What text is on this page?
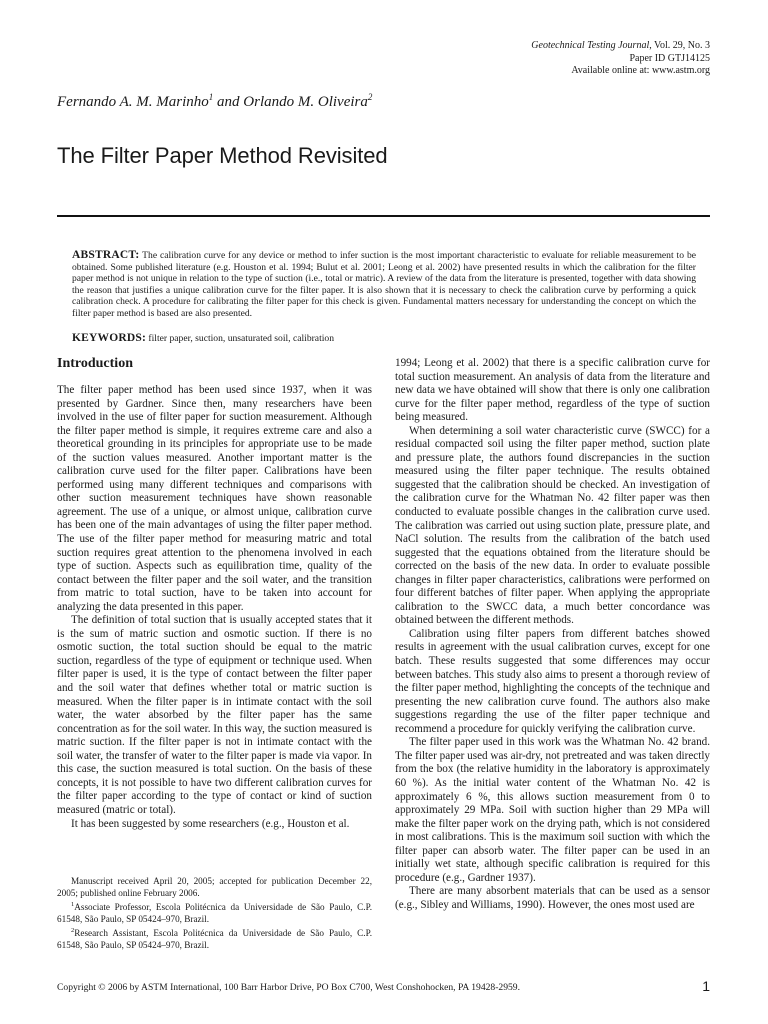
Geotechnical Testing Journal, Vol. 29, No. 3
Paper ID GTJ14125
Available online at: www.astm.org
Fernando A. M. Marinho$^1$ and Orlando M. Oliveira$^2$
The Filter Paper Method Revisited
ABSTRACT: The calibration curve for any device or method to infer suction is the most important characteristic to evaluate for reliable measurement to be obtained. Some published literature (e.g. Houston et al. 1994; Bulut et al. 2001; Leong et al. 2002) have presented results in which the calibration for the filter paper method is not unique in relation to the type of suction (i.e., total or matric). A review of the data from the literature is presented, together with data showing the reason that justifies a unique calibration curve for the filter paper. It is also shown that it is necessary to check the calibration curve by performing a quick calibration check. A procedure for calibrating the filter paper for this check is given. Fundamental matters necessary for understanding the concept on which the filter paper method is based are also presented.
KEYWORDS: filter paper, suction, unsaturated soil, calibration
Introduction

The filter paper method has been used since 1937, when it was presented by Gardner. Since then, many researchers have been involved in the use of filter paper for suction measurement. Although the filter paper method is simple, it requires extreme care and also a theoretical grounding in its principles for appropriate use to be made of the suction values measured. Another important matter is the calibration curve used for the filter paper. Calibrations have been performed using many different techniques and comparisons with other suction measurement techniques have shown reasonable agreement. The use of a unique, or almost unique, calibration curve has been one of the main advantages of using the filter paper method. The use of the filter paper method for measuring matric and total suction requires great attention to the phenomena involved in each type of suction. Aspects such as equilibration time, quality of the contact between the filter paper and the soil water, and the transition from matric to total suction, have to be taken into account for analyzing the data presented in this paper.

The definition of total suction that is usually accepted states that it is the sum of matric suction and osmotic suction. If there is no osmotic suction, the total suction should be equal to the matric suction, regardless of the type of equipment or technique used. When filter paper is used, it is the type of contact between the filter paper and the soil water that defines whether total or matric suction is measured. When the filter paper is in intimate contact with the soil water, the water absorbed by the filter paper has the same concentration as for the soil water. In this way, the suction measured is matric suction. If the filter paper is not in intimate contact with the soil water, the transfer of water to the filter paper is made via vapor. In this case, the suction measured is total suction. On the basis of these concepts, it is not possible to have two different calibration curves for the filter paper according to the type of contact or kind of suction measured (matric or total).

It has been suggested by some researchers (e.g., Houston et al.

Manuscript received April 20, 2005; accepted for publication December 22, 2005; published online February 2006.

$^1$Associate Professor, Escola Politécnica da Universidade de São Paulo, C.P. 61548, São Paulo, SP 05424–970, Brazil.

$^2$Research Assistant, Escola Politécnica da Universidade de São Paulo, C.P. 61548, São Paulo, SP 05424–970, Brazil.

1994; Leong et al. 2002) that there is a specific calibration curve for total suction measurement. An analysis of data from the literature and new data we have obtained will show that there is only one calibration curve for the filter paper method, regardless of the type of suction being measured.

When determining a soil water characteristic curve (SWCC) for a residual compacted soil using the filter paper method, suction plate and pressure plate, the authors found discrepancies in the suction measured using the filter paper technique. The results obtained suggested that the calibration should be checked. An investigation of the calibration curve for the Whatman No. 42 filter paper was then conducted to evaluate possible changes in the calibration curve used. The calibration was carried out using suction plate, pressure plate, and NaCl solution. The results from the calibration of the batch used suggested that the equations obtained from the literature should be corrected on the basis of the new data. In order to evaluate possible changes in filter paper characteristics, calibrations were performed on four different batches of filter paper. When applying the appropriate calibration to the SWCC data, a much better concordance was obtained between the different methods.

Calibration using filter papers from different batches showed results in agreement with the usual calibration curves, except for one batch. These results suggested that some differences may occur between batches. This study also aims to present a thorough review of the filter paper method, highlighting the concepts of the technique and presenting the new calibration curve found. The authors also make suggestions regarding the use of the filter paper technique and recommend a procedure for quickly verifying the calibration curve.

The filter paper used in this work was the Whatman No. 42 brand. The filter paper used was air-dry, not pretreated and was taken directly from the box (the relative humidity in the laboratory is approximately 60 %). As the initial water content of the Whatman No. 42 is approximately 6 %, this allows suction measurement from 0 to approximately 29 MPa. Soil with suction higher than 29 MPa will make the filter paper work on the drying path, which is not considered in most calibrations. This is the maximum soil suction with which the filter paper can absorb water. The filter paper can be used in an initially wet state, although specific calibration is required for this procedure (e.g., Gardner 1937).

There are many absorbent materials that can be used as a sensor (e.g., Sibley and Williams, 1990). However, the ones most used are

Copyright © 2006 by ASTM International, 100 Barr Harbor Drive, PO Box C700, West Conshohocken, PA 19428-2959.	1
